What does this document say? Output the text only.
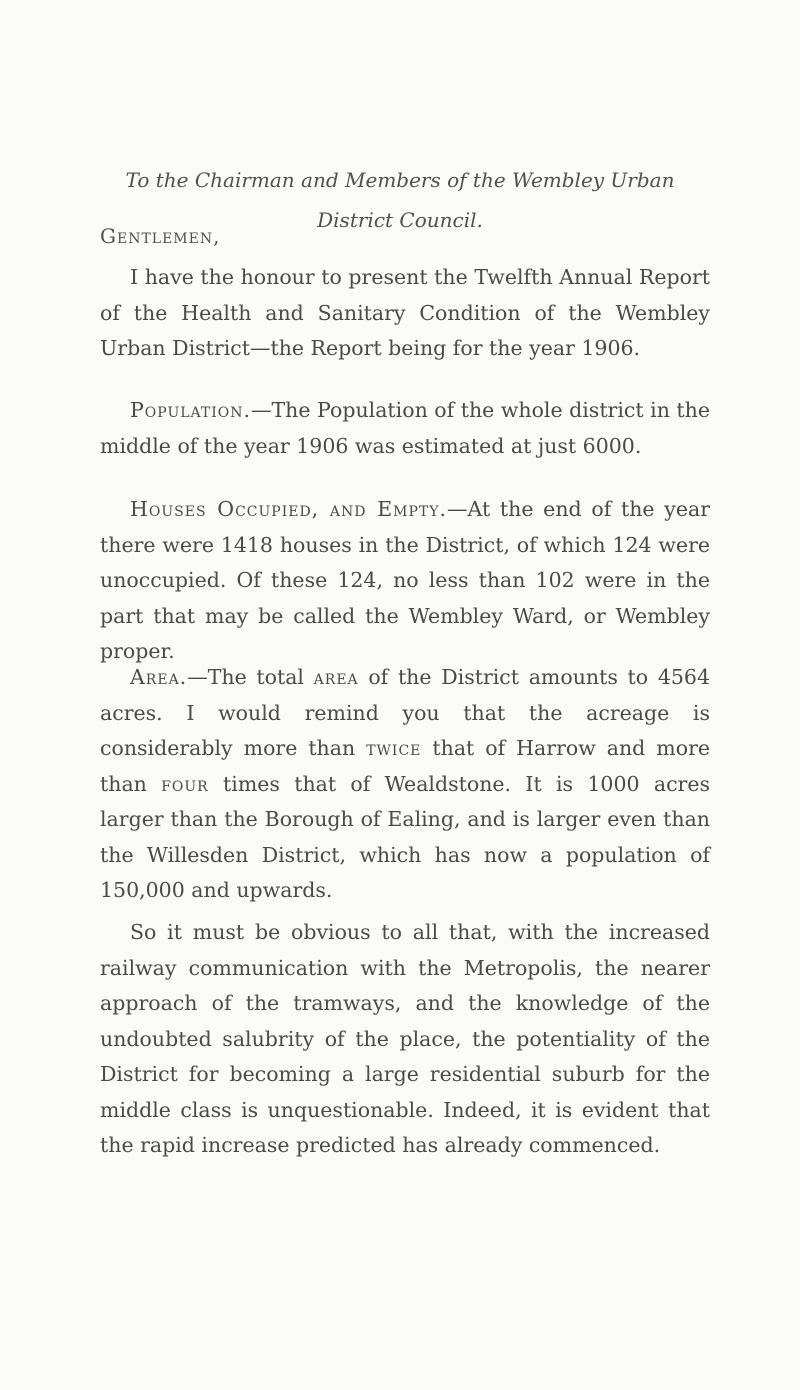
To the Chairman and Members of the Wembley Urban
District Council.
Gentlemen,

I have the honour to present the Twelfth Annual Report of the Health and Sanitary Condition of the Wembley Urban District—the Report being for the year 1906.

Population.—The Population of the whole district in the middle of the year 1906 was estimated at just 6000.

Houses Occupied, and Empty.—At the end of the year there were 1418 houses in the District, of which 124 were unoccupied. Of these 124, no less than 102 were in the part that may be called the Wembley Ward, or Wembley proper.

Area.—The total area of the District amounts to 4564 acres. I would remind you that the acreage is considerably more than twice that of Harrow and more than four times that of Wealdstone. It is 1000 acres larger than the Borough of Ealing, and is larger even than the Willesden District, which has now a population of 150,000 and upwards.

So it must be obvious to all that, with the increased railway communication with the Metropolis, the nearer approach of the tramways, and the knowledge of the undoubted salubrity of the place, the potentiality of the District for becoming a large residential suburb for the middle class is unquestionable. Indeed, it is evident that the rapid increase predicted has already commenced.
